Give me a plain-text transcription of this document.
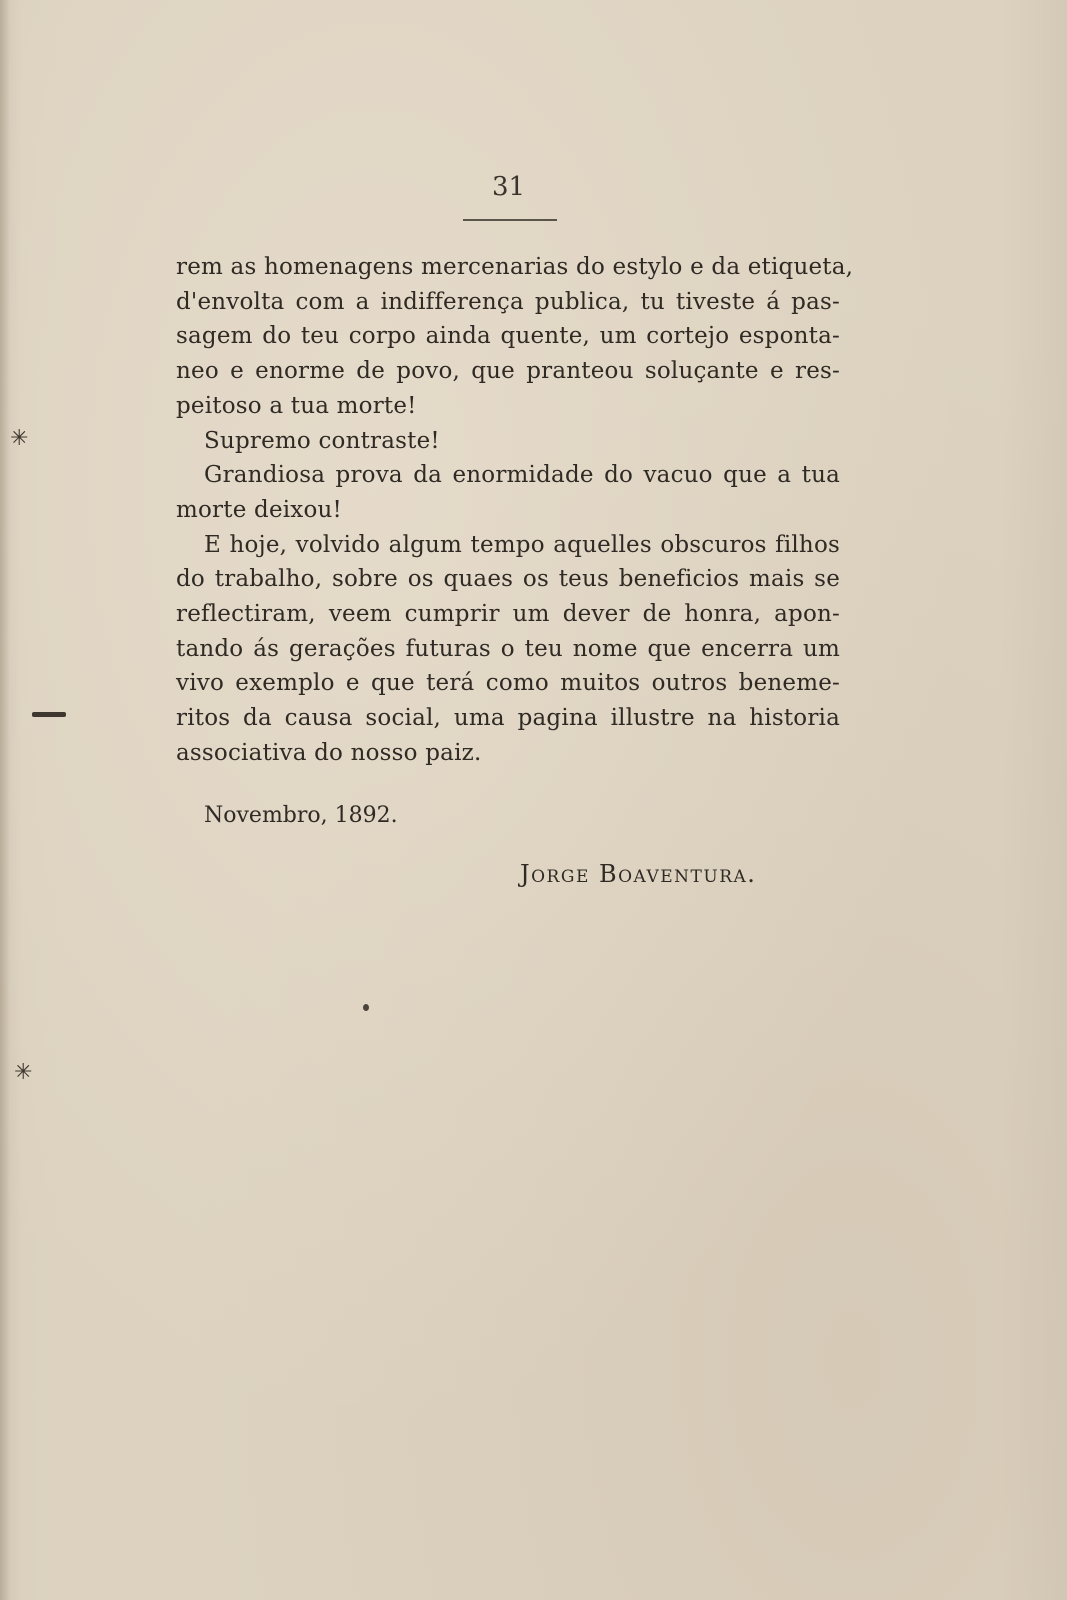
31
rem as homenagens mercenarias do estylo e da etiqueta,
d'envolta com a indifferença publica, tu tiveste á pas-
sagem do teu corpo ainda quente, um cortejo esponta-
neo e enorme de povo, que pranteou soluçante e res-
peitoso a tua morte!
Supremo contraste!
Grandiosa prova da enormidade do vacuo que a tua
morte deixou!
E hoje, volvido algum tempo aquelles obscuros filhos
do trabalho, sobre os quaes os teus beneficios mais se
reflectiram, veem cumprir um dever de honra, apon-
tando ás gerações futuras o teu nome que encerra um
vivo exemplo e que terá como muitos outros beneme-
ritos da causa social, uma pagina illustre na historia
associativa do nosso paiz.
Novembro, 1892.
Jorge Boaventura.
✳
✳
